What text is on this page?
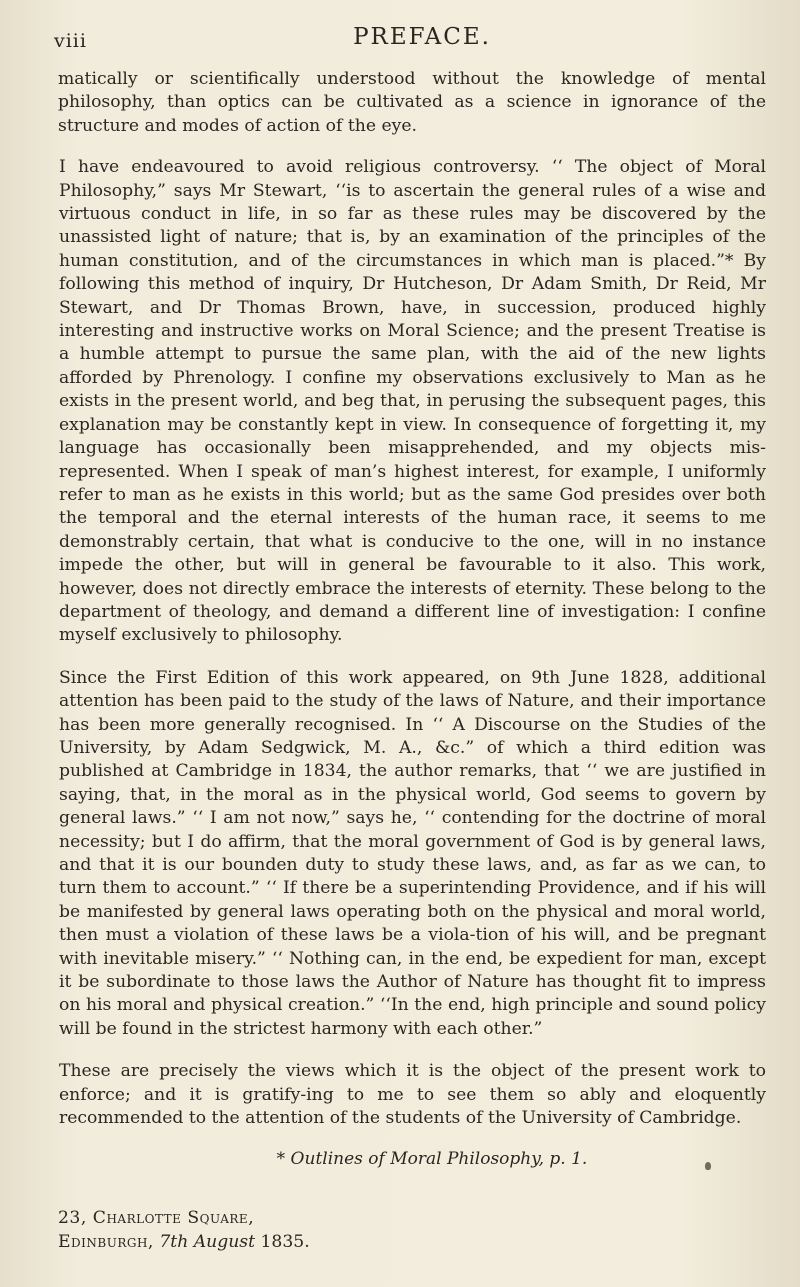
viii	PREFACE.

matically or scientifically understood without the knowledge of mental philosophy, than optics can be cultivated as a science in ignorance of the structure and modes of action of the eye.

I have endeavoured to avoid religious controversy. ‘‘ The object of Moral Philosophy,” says Mr Stewart, ‘‘is to ascertain the general rules of a wise and virtuous conduct in life, in so far as these rules may be discovered by the unassisted light of nature; that is, by an examination of the principles of the human constitution, and of the circumstances in which man is placed.”* By following this method of inquiry, Dr Hutcheson, Dr Adam Smith, Dr Reid, Mr Stewart, and Dr Thomas Brown, have, in succession, produced highly interesting and instructive works on Moral Science; and the present Treatise is a humble attempt to pursue the same plan, with the aid of the new lights afforded by Phrenology. I confine my observations exclusively to Man as he exists in the present world, and beg that, in perusing the subsequent pages, this explanation may be constantly kept in view. In consequence of forgetting it, my language has occasionally been misapprehended, and my objects mis-represented. When I speak of man’s highest interest, for example, I uniformly refer to man as he exists in this world; but as the same God presides over both the temporal and the eternal interests of the human race, it seems to me demonstrably certain, that what is conducive to the one, will in no instance impede the other, but will in general be favourable to it also. This work, however, does not directly embrace the interests of eternity. These belong to the department of theology, and demand a different line of investigation: I confine myself exclusively to philosophy.

Since the First Edition of this work appeared, on 9th June 1828, additional attention has been paid to the study of the laws of Nature, and their importance has been more generally recognised. In ‘‘ A Discourse on the Studies of the University, by Adam Sedgwick, M. A., &c.” of which a third edition was published at Cambridge in 1834, the author remarks, that ‘‘ we are justified in saying, that, in the moral as in the physical world, God seems to govern by general laws.” ‘‘ I am not now,” says he, ‘‘ contending for the doctrine of moral necessity; but I do affirm, that the moral government of God is by general laws, and that it is our bounden duty to study these laws, and, as far as we can, to turn them to account.” ‘‘ If there be a superintending Providence, and if his will be manifested by general laws operating both on the physical and moral world, then must a violation of these laws be a viola-tion of his will, and be pregnant with inevitable misery.” ‘‘ Nothing can, in the end, be expedient for man, except it be subordinate to those laws the Author of Nature has thought fit to impress on his moral and physical creation.” ‘‘In the end, high principle and sound policy will be found in the strictest harmony with each other.”

These are precisely the views which it is the object of the present work to enforce; and it is gratify-ing to me to see them so ably and eloquently recommended to the attention of the students of the University of Cambridge.

* Outlines of Moral Philosophy, p. 1.
23, Charlotte Square,
Edinburgh, 7th August 1835.
